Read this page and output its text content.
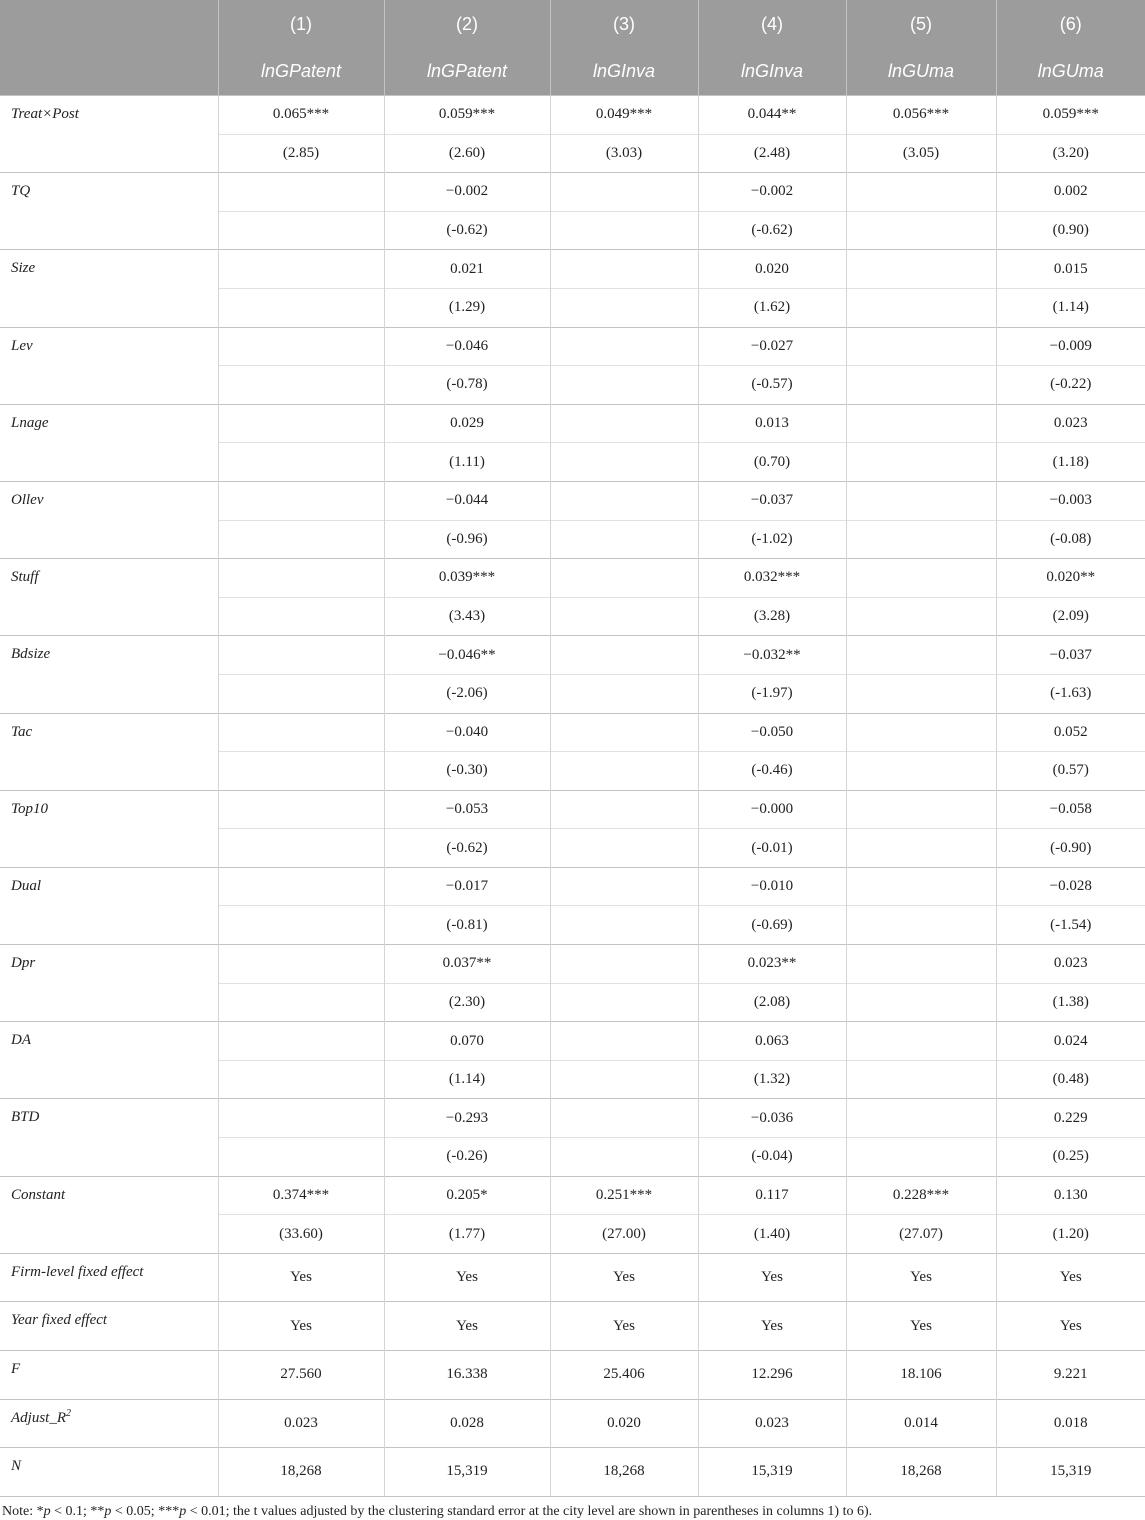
	(1)	(2)	(3)	(4)	(5)	(6)
	lnGPatent	lnGPatent	lnGInva	lnGInva	lnGUma	lnGUma
Treat×Post	0.065***	0.059***	0.049***	0.044**	0.056***	0.059***
	(2.85)	(2.60)	(3.03)	(2.48)	(3.05)	(3.20)
TQ		−0.002		−0.002		0.002
		(-0.62)		(-0.62)		(0.90)
Size		0.021		0.020		0.015
		(1.29)		(1.62)		(1.14)
Lev		−0.046		−0.027		−0.009
		(-0.78)		(-0.57)		(-0.22)
Lnage		0.029		0.013		0.023
		(1.11)		(0.70)		(1.18)
Ollev		−0.044		−0.037		−0.003
		(-0.96)		(-1.02)		(-0.08)
Stuff		0.039***		0.032***		0.020**
		(3.43)		(3.28)		(2.09)
Bdsize		−0.046**		−0.032**		−0.037
		(-2.06)		(-1.97)		(-1.63)
Tac		−0.040		−0.050		0.052
		(-0.30)		(-0.46)		(0.57)
Top10		−0.053		−0.000		−0.058
		(-0.62)		(-0.01)		(-0.90)
Dual		−0.017		−0.010		−0.028
		(-0.81)		(-0.69)		(-1.54)
Dpr		0.037**		0.023**		0.023
		(2.30)		(2.08)		(1.38)
DA		0.070		0.063		0.024
		(1.14)		(1.32)		(0.48)
BTD		−0.293		−0.036		0.229
		(-0.26)		(-0.04)		(0.25)
Constant	0.374***	0.205*	0.251***	0.117	0.228***	0.130
	(33.60)	(1.77)	(27.00)	(1.40)	(27.07)	(1.20)
Firm-level fixed effect	Yes	Yes	Yes	Yes	Yes	Yes
Year fixed effect	Yes	Yes	Yes	Yes	Yes	Yes
F	27.560	16.338	25.406	12.296	18.106	9.221
$Adjust\_R^2$	0.023	0.028	0.020	0.023	0.014	0.018
N	18,268	15,319	18,268	15,319	18,268	15,319

Note: *p < 0.1; **p < 0.05; ***p < 0.01; the t values adjusted by the clustering standard error at the city level are shown in parentheses in columns 1) to 6).
